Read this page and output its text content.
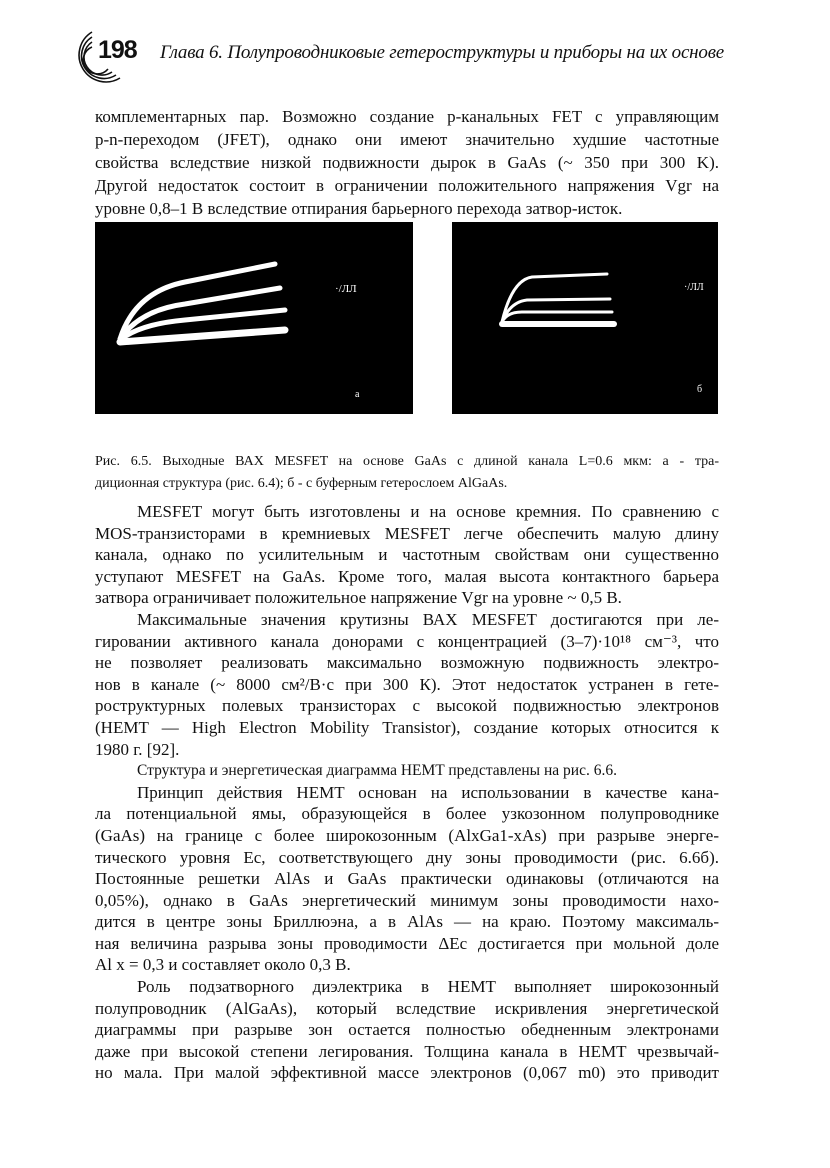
198 Глава 6. Полупроводниковые гетероструктуры и приборы на их основе
комплементарных пар. Возможно создание p-канальных FET с управляющим
p-n-переходом (JFET), однако они имеют значительно худшие частотные
свойства вследствие низкой подвижности дырок в GaAs (~ 350 при 300 K).
Другой недостаток состоит в ограничении положительного напряжения Vgr на
уровне 0,8–1 В вследствие отпирания барьерного перехода затвор-исток.
·/ЛЛ
a
·/ЛЛ
б
Рис. 6.5. Выходные ВАХ MESFET на основе GaAs с длиной канала L=0.6 мкм: а - тра-
диционная структура (рис. 6.4); б - с буферным гетерослоем AlGaAs.
MESFET могут быть изготовлены и на основе кремния. По сравнению с
MOS-транзисторами в кремниевых MESFET легче обеспечить малую длину
канала, однако по усилительным и частотным свойствам они существенно
уступают MESFET на GaAs. Кроме того, малая высота контактного барьера
затвора ограничивает положительное напряжение Vgr на уровне ~ 0,5 В.
Максимальные значения крутизны ВАХ MESFET достигаются при ле-
гировании активного канала донорами с концентрацией (3–7)·10¹⁸ см⁻³, что
не позволяет реализовать максимально возможную подвижность электро-
нов в канале (~ 8000 см²/В·с при 300 К). Этот недостаток устранен в гете-
роструктурных полевых транзисторах с высокой подвижностью электронов
(HEMT — High Electron Mobility Transistor), создание которых относится к
1980 г. [92].
Структура и энергетическая диаграмма HEMT представлены на рис. 6.6.
Принцип действия HEMT основан на использовании в качестве кана-
ла потенциальной ямы, образующейся в более узкозонном полупроводнике
(GaAs) на границе с более широкозонным (AlxGa1-xAs) при разрыве энерге-
тического уровня Ec, соответствующего дну зоны проводимости (рис. 6.6б).
Постоянные решетки AlAs и GaAs практически одинаковы (отличаются на
0,05%), однако в GaAs энергетический минимум зоны проводимости нахо-
дится в центре зоны Бриллюэна, а в AlAs — на краю. Поэтому максималь-
ная величина разрыва зоны проводимости ΔEc достигается при мольной доле
Al x = 0,3 и составляет около 0,3 В.
Роль подзатворного диэлектрика в HEMT выполняет широкозонный
полупроводник (AlGaAs), который вследствие искривления энергетической
диаграммы при разрыве зон остается полностью обедненным электронами
даже при высокой степени легирования. Толщина канала в HEMT чрезвычай-
но мала. При малой эффективной массе электронов (0,067 m0) это приводит
